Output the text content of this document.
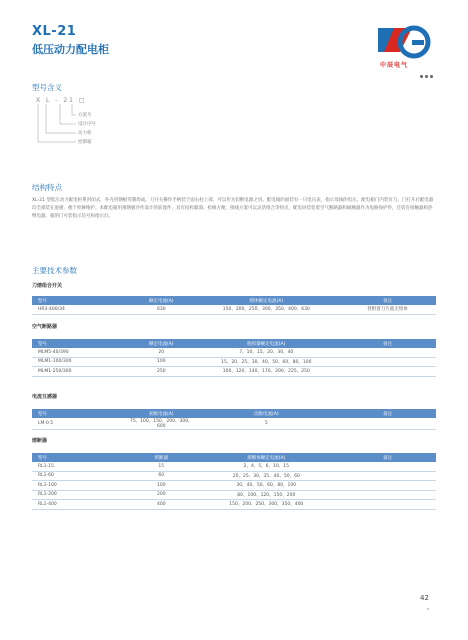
XL-21
低压动力配电柜
中辰电气
型号含义
X L - 21 □
方案号
设计序号
动力柜
控制箱
结构特点
XL-21 型低压动力配电柜系封闭式，外壳用钢板弯制焊成。刀开关操作手柄装于面右柱上部，可以作为切断电源之用。配电箱的面装有一只电压表，指示母线的电压。配电箱门内装有刀、门打开后配电器均全部装在底板，便于检修维护。本配电箱用薄钢板冷作设计的前置件，具有结构紧凑、检修方便、接线方案可以灵活组合等特点，配电屏装装着空气断路器和刷磨器作为短路保护件，还装有接触器和热继电器，箱的门可装指示信号和指示灯。
主要技术参数
刀熔组合开关
型号	额定电流(A)	熔体额定电流(A)	备注
HR3-400/34	630	150、200、250、300、350、400、630	替附着刀片就无熔体
空气断路器
型号	额定电流(A)	脱扣器额定电流(A)	备注
MLM5-40/390	20	7、10、15、20、30、40	
MLM1-100/300	100	15、20、25、30、40、50、60、80、100	
MLM1-250/300	250	100、120、140、170、200、225、250	
电流互感器
型号	初级电流(A)	次级电流(A)	备注
LM-0.5	75、100、150、200、300、600	5	
熔断器
型号	熔断器	熔断体额定电流(A)	备注
RL1-15	15	2、4、5、6、10、15	
RL1-60	60	20、25、30、35、40、50、60	
RL1-100	100	30、40、50、60、80、100	
RL1-200	200	80、100、120、150、200	
RL1-400	400	150、200、250、300、350、400	
42
